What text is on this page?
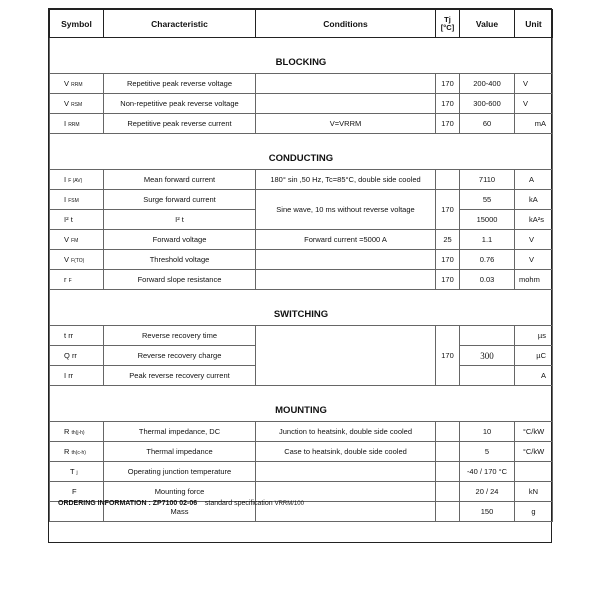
Symbol	Characteristic	Conditions	Tj
[°C]	Value	Unit
BLOCKING					
V RRM	Repetitive peak reverse voltage		170	200-400	V
V RSM	Non-repetitive peak reverse voltage		170	300-600	V
I RRM	Repetitive peak reverse current	V=VRRM	170	60	mA
CONDUCTING					
I F (AV)	Mean forward current	180° sin ,50 Hz, Tc=85°C, double side cooled		7110	A
I FSM	Surge forward current	Sine wave, 10 ms without reverse voltage	170	55	kA
I² t	I² t			15000	kA²s
V FM	Forward voltage	Forward current =5000 A	25	1.1	V
V F(TO)	Threshold voltage		170	0.76	V
r F	Forward slope resistance		170	0.03	mohm
SWITCHING					
t rr	Reverse recovery time		170		µs
Q rr	Reverse recovery charge			300	µC
I rr	Peak reverse recovery current				A
MOUNTING					
R th(j-h)	Thermal impedance, DC	Junction to heatsink, double side cooled		10	°C/kW
R th(c-h)	Thermal impedance	Case to heatsink, double side cooled		5	°C/kW
T j	Operating junction temperature			-40 / 170 °C	
F	Mounting force			20 / 24	kN
	Mass			150	g
ORDERING INFORMATION : ZP7100 02-06 standard specification VRRM/100
